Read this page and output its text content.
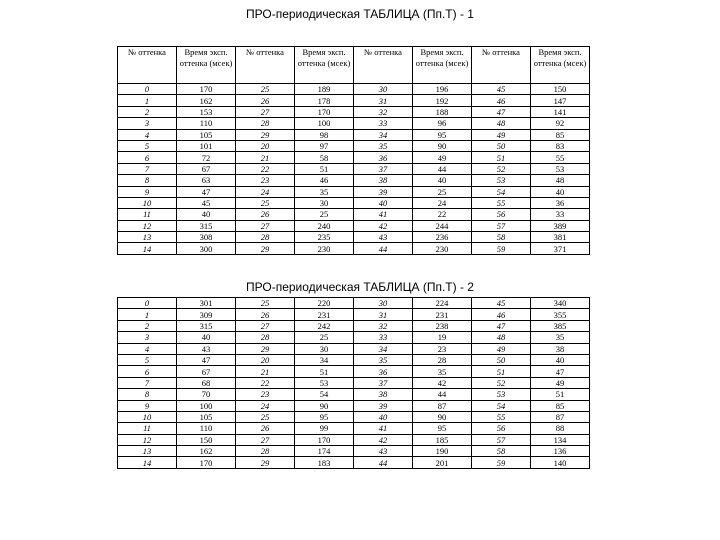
ПРО-периодическая ТАБЛИЦА (Пп.Т) - 1
№ оттенка	Время эксп. оттенка (мсек)	№ оттенка	Время эксп. оттенка (мсек)	№ оттенка	Время эксп. оттенка (мсек)	№ оттенка	Время эксп. оттенка (мсек)
0	170	25	189	30	196	45	150
1	162	26	178	31	192	46	147
2	153	27	170	32	188	47	141
3	110	28	100	33	96	48	92
4	105	29	98	34	95	49	85
5	101	20	97	35	90	50	83
6	72	21	58	36	49	51	55
7	67	22	51	37	44	52	53
8	63	23	46	38	40	53	48
9	47	24	35	39	25	54	40
10	45	25	30	40	24	55	36
11	40	26	25	41	22	56	33
12	315	27	240	42	244	57	389
13	308	28	235	43	236	58	381
14	300	29	230	44	230	59	371
ПРО-периодическая ТАБЛИЦА (Пп.Т) - 2
0	301	25	220	30	224	45	340
1	309	26	231	31	231	46	355
2	315	27	242	32	238	47	385
3	40	28	25	33	19	48	35
4	43	29	30	34	23	49	38
5	47	20	34	35	28	50	40
6	67	21	51	36	35	51	47
7	68	22	53	37	42	52	49
8	70	23	54	38	44	53	51
9	100	24	90	39	87	54	85
10	105	25	95	40	90	55	87
11	110	26	99	41	95	56	88
12	150	27	170	42	185	57	134
13	162	28	174	43	190	58	136
14	170	29	183	44	201	59	140
